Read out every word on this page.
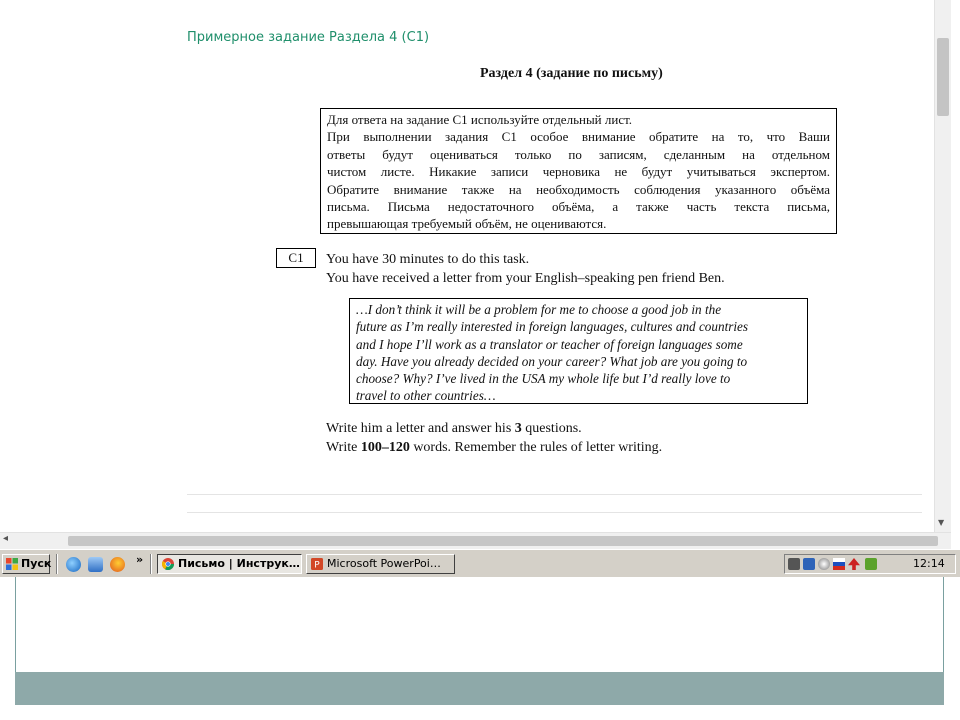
Примерное задание Раздела 4 (С1)
Раздел 4 (задание по письму)
Для ответа на задание С1 используйте отдельный лист.
При выполнении задания С1 особое внимание обратите на то, что Ваши
ответы будут оцениваться только по записям, сделанным на отдельном
чистом листе. Никакие записи черновика не будут учитываться экспертом.
Обратите внимание также на необходимость соблюдения указанного объёма
письма. Письма недостаточного объёма, а также часть текста письма,
превышающая требуемый объём, не оцениваются.
C1	You have 30 minutes to do this task.
You have received a letter from your English–speaking pen friend Ben.
…I don’t think it will be a problem for me to choose a good job in the
future as I’m really interested in foreign languages, cultures and countries
and I hope I’ll work as a translator or teacher of foreign languages some
day. Have you already decided on your career? What job are you going to
choose? Why? I’ve lived in the USA my whole life but I’d really love to
travel to other countries…
Write him a letter and answer his 3 questions.
Write 100–120 words. Remember the rules of letter writing.
▼
◂
Пуск	»	Письмо | Инструк… P Microsoft PowerPoi…	12:14
